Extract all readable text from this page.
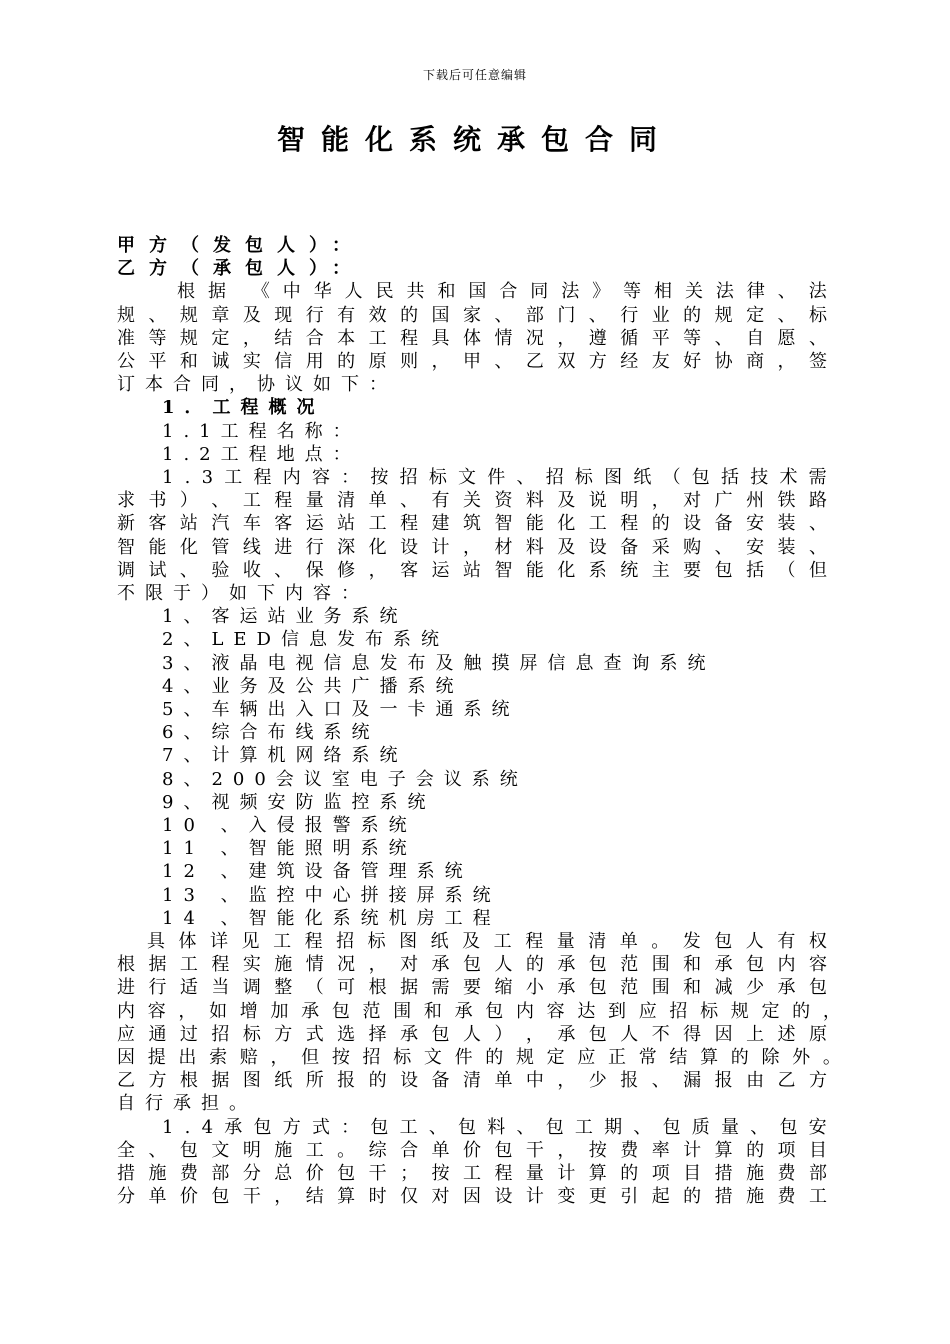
下载后可任意编辑
智能化系统承包合同
甲方（发包人）：
乙方（承包人）：
根 据 《 中 华 人 民 共 和 国 合 同 法 》 等 相 关 法 律 、 法
规 、 规 章 及 现 行 有 效 的 国 家 、 部 门 、 行 业 的 规 定 、 标
准 等 规 定 ， 结 合 本 工 程 具 体 情 况 ， 遵 循 平 等 、 自 愿 、
公 平 和 诚 实 信 用 的 原 则 ， 甲 、 乙 双 方 经 友 好 协 商 ， 签
订本合同，协议如下：
1．工程概况
1.1工程名称：
1.2工程地点：
1 . 3 工 程 内 容 ： 按 招 标 文 件 、 招 标 图 纸 （ 包 括 技 术 需
求 书 ） 、 工 程 量 清 单 、 有 关 资 料 及 说 明 ， 对 广 州 铁 路
新 客 站 汽 车 客 运 站 工 程 建 筑 智 能 化 工 程 的 设 备 安 装 、
智 能 化 管 线 进 行 深 化 设 计 ， 材 料 及 设 备 采 购 、 安 装 、
调 试 、 验 收 、 保 修 ， 客 运 站 智 能 化 系 统 主 要 包 括 （ 但
不限于）如下内容：
1、客运站业务系统
2、LED信息发布系统
3、液晶电视信息发布及触摸屏信息查询系统
4、业务及公共广播系统
5、车辆出入口及一卡通系统
6、综合布线系统
7、计算机网络系统
8、200会议室电子会议系统
9、视频安防监控系统
10 、入侵报警系统
11 、智能照明系统
12 、建筑设备管理系统
13 、监控中心拼接屏系统
14 、智能化系统机房工程
具 体 详 见 工 程 招 标 图 纸 及 工 程 量 清 单 。 发 包 人 有 权
根 据 工 程 实 施 情 况 ， 对 承 包 人 的 承 包 范 围 和 承 包 内 容
进 行 适 当 调 整 （ 可 根 据 需 要 缩 小 承 包 范 围 和 减 少 承 包
内 容 ， 如 增 加 承 包 范 围 和 承 包 内 容 达 到 应 招 标 规 定 的 ，
应 通 过 招 标 方 式 选 择 承 包 人 ） ， 承 包 人 不 得 因 上 述 原
因 提 出 索 赔 ， 但 按 招 标 文 件 的 规 定 应 正 常 结 算 的 除 外 。
乙 方 根 据 图 纸 所 报 的 设 备 清 单 中 ， 少 报 、 漏 报 由 乙 方
自行承担。
1 . 4 承 包 方 式 ： 包 工 、 包 料 、 包 工 期 、 包 质 量 、 包 安
全 、 包 文 明 施 工 。 综 合 单 价 包 干 ， 按 费 率 计 算 的 项 目
措 施 费 部 分 总 价 包 干 ； 按 工 程 量 计 算 的 项 目 措 施 费 部
分 单 价 包 干 ， 结 算 时 仅 对 因 设 计 变 更 引 起 的 措 施 费 工
